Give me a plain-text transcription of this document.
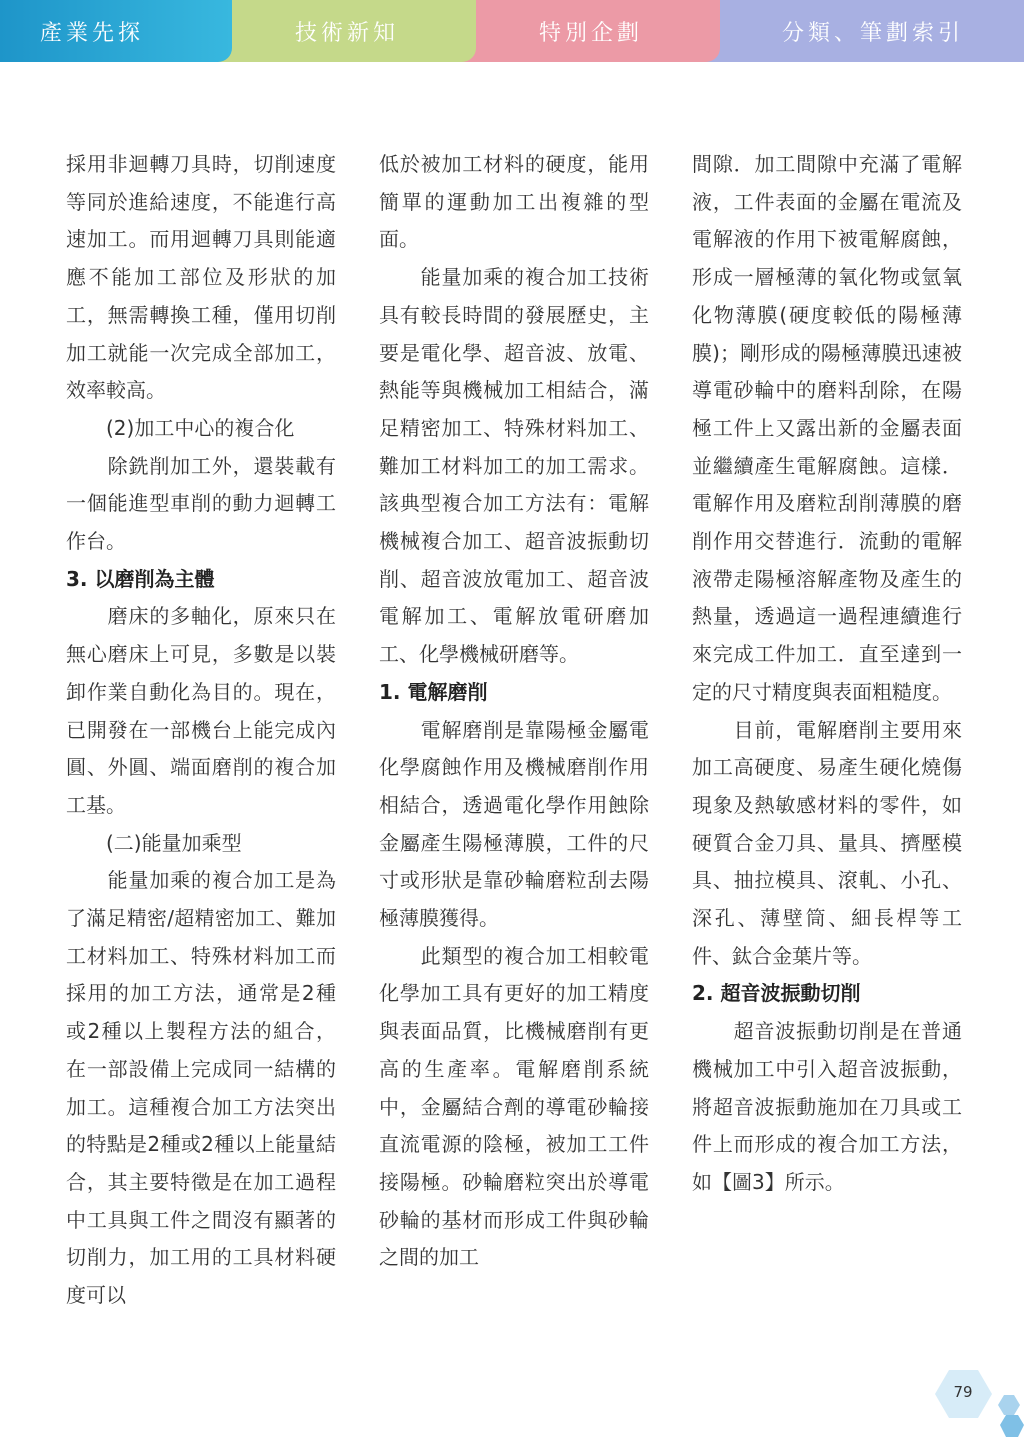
產業先探	技術新知	特別企劃	分類、筆劃索引

採用非迴轉刀具時，切削速度等同於進給速度，不能進行高速加工。而用迴轉刀具則能適應不能加工部位及形狀的加工，無需轉換工種，僅用切削加工就能一次完成全部加工，效率較高。

　　(2)加工中心的複合化

　　除銑削加工外，還裝載有一個能進型車削的動力迴轉工作台。

3. 以磨削為主體

　　磨床的多軸化，原來只在無心磨床上可見，多數是以裝卸作業自動化為目的。現在，已開發在一部機台上能完成內圓、外圓、端面磨削的複合加工基。

　　(二)能量加乘型

　　能量加乘的複合加工是為了滿足精密/超精密加工、難加工材料加工、特殊材料加工而採用的加工方法，通常是2種或2種以上製程方法的組合，在一部設備上完成同一結構的加工。這種複合加工方法突出的特點是2種或2種以上能量結合，其主要特徵是在加工過程中工具與工件之間沒有顯著的切削力，加工用的工具材料硬度可以

低於被加工材料的硬度，能用簡單的運動加工出複雜的型面。

　　能量加乘的複合加工技術具有較長時間的發展歷史，主要是電化學、超音波、放電、熱能等與機械加工相結合，滿足精密加工、特殊材料加工、難加工材料加工的加工需求。該典型複合加工方法有：電解機械複合加工、超音波振動切削、超音波放電加工、超音波電解加工、電解放電研磨加工、化學機械研磨等。

1. 電解磨削

　　電解磨削是靠陽極金屬電化學腐蝕作用及機械磨削作用相結合，透過電化學作用蝕除金屬產生陽極薄膜，工件的尺寸或形狀是靠砂輪磨粒刮去陽極薄膜獲得。

　　此類型的複合加工相較電化學加工具有更好的加工精度與表面品質，比機械磨削有更高的生產率。電解磨削系統中，金屬結合劑的導電砂輪接直流電源的陰極，被加工工件接陽極。砂輪磨粒突出於導電砂輪的基材而形成工件與砂輪之間的加工

間隙．加工間隙中充滿了電解液，工件表面的金屬在電流及電解液的作用下被電解腐蝕，形成一層極薄的氧化物或氫氧化物薄膜(硬度較低的陽極薄膜)；剛形成的陽極薄膜迅速被導電砂輪中的磨料刮除，在陽極工件上又露出新的金屬表面並繼續產生電解腐蝕。這樣．電解作用及磨粒刮削薄膜的磨削作用交替進行．流動的電解液帶走陽極溶解產物及產生的熱量，透過這一過程連續進行來完成工件加工．直至達到一定的尺寸精度與表面粗糙度。

　　目前，電解磨削主要用來加工高硬度、易產生硬化燒傷現象及熱敏感材料的零件，如硬質合金刀具、量具、擠壓模具、抽拉模具、滾軋、小孔、深孔、薄壁筒、細長桿等工件、鈦合金葉片等。

2. 超音波振動切削

　　超音波振動切削是在普通機械加工中引入超音波振動，將超音波振動施加在刀具或工件上而形成的複合加工方法，如【圖3】所示。

79
